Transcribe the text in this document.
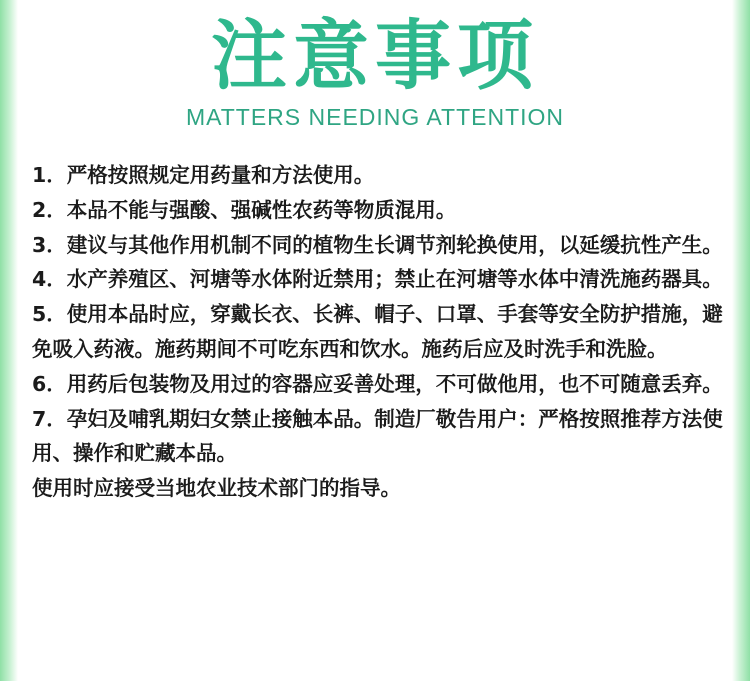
注意事项
MATTERS NEEDING ATTENTION

1．严格按照规定用药量和方法使用。

2．本品不能与强酸、强碱性农药等物质混用。

3．建议与其他作用机制不同的植物生长调节剂轮换使用，以延缓抗性产生。

4．水产养殖区、河塘等水体附近禁用；禁止在河塘等水体中清洗施药器具。

5．使用本品时应，穿戴长衣、长裤、帽子、口罩、手套等安全防护措施，避免吸入药液。施药期间不可吃东西和饮水。施药后应及时洗手和洗脸。

6．用药后包装物及用过的容器应妥善处理，不可做他用，也不可随意丢弃。

7．孕妇及哺乳期妇女禁止接触本品。制造厂敬告用户：严格按照推荐方法使用、操作和贮藏本品。

使用时应接受当地农业技术部门的指导。
